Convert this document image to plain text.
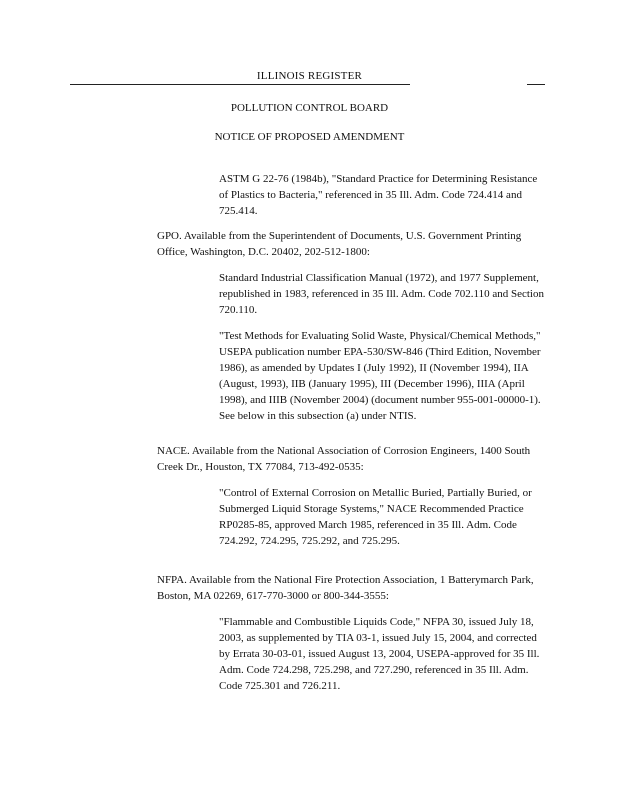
ILLINOIS REGISTER
POLLUTION CONTROL BOARD
NOTICE OF PROPOSED AMENDMENT

ASTM G 22-76 (1984b), "Standard Practice for Determining Resistance of Plastics to Bacteria," referenced in 35 Ill. Adm. Code 724.414 and 725.414.

GPO. Available from the Superintendent of Documents, U.S. Government Printing Office, Washington, D.C. 20402, 202-512-1800:

Standard Industrial Classification Manual (1972), and 1977 Supplement, republished in 1983, referenced in 35 Ill. Adm. Code 702.110 and Section 720.110.

"Test Methods for Evaluating Solid Waste, Physical/Chemical Methods," USEPA publication number EPA-530/SW-846 (Third Edition, November 1986), as amended by Updates I (July 1992), II (November 1994), IIA (August, 1993), IIB (January 1995), III (December 1996), IIIA (April 1998), and IIIB (November 2004) (document number 955-001-00000-1). See below in this subsection (a) under NTIS.

NACE. Available from the National Association of Corrosion Engineers, 1400 South Creek Dr., Houston, TX 77084, 713-492-0535:

"Control of External Corrosion on Metallic Buried, Partially Buried, or Submerged Liquid Storage Systems," NACE Recommended Practice RP0285-85, approved March 1985, referenced in 35 Ill. Adm. Code 724.292, 724.295, 725.292, and 725.295.

NFPA. Available from the National Fire Protection Association, 1 Batterymarch Park, Boston, MA 02269, 617-770-3000 or 800-344-3555:

"Flammable and Combustible Liquids Code," NFPA 30, issued July 18, 2003, as supplemented by TIA 03-1, issued July 15, 2004, and corrected by Errata 30-03-01, issued August 13, 2004, USEPA-approved for 35 Ill. Adm. Code 724.298, 725.298, and 727.290, referenced in 35 Ill. Adm. Code 725.301 and 726.211.
